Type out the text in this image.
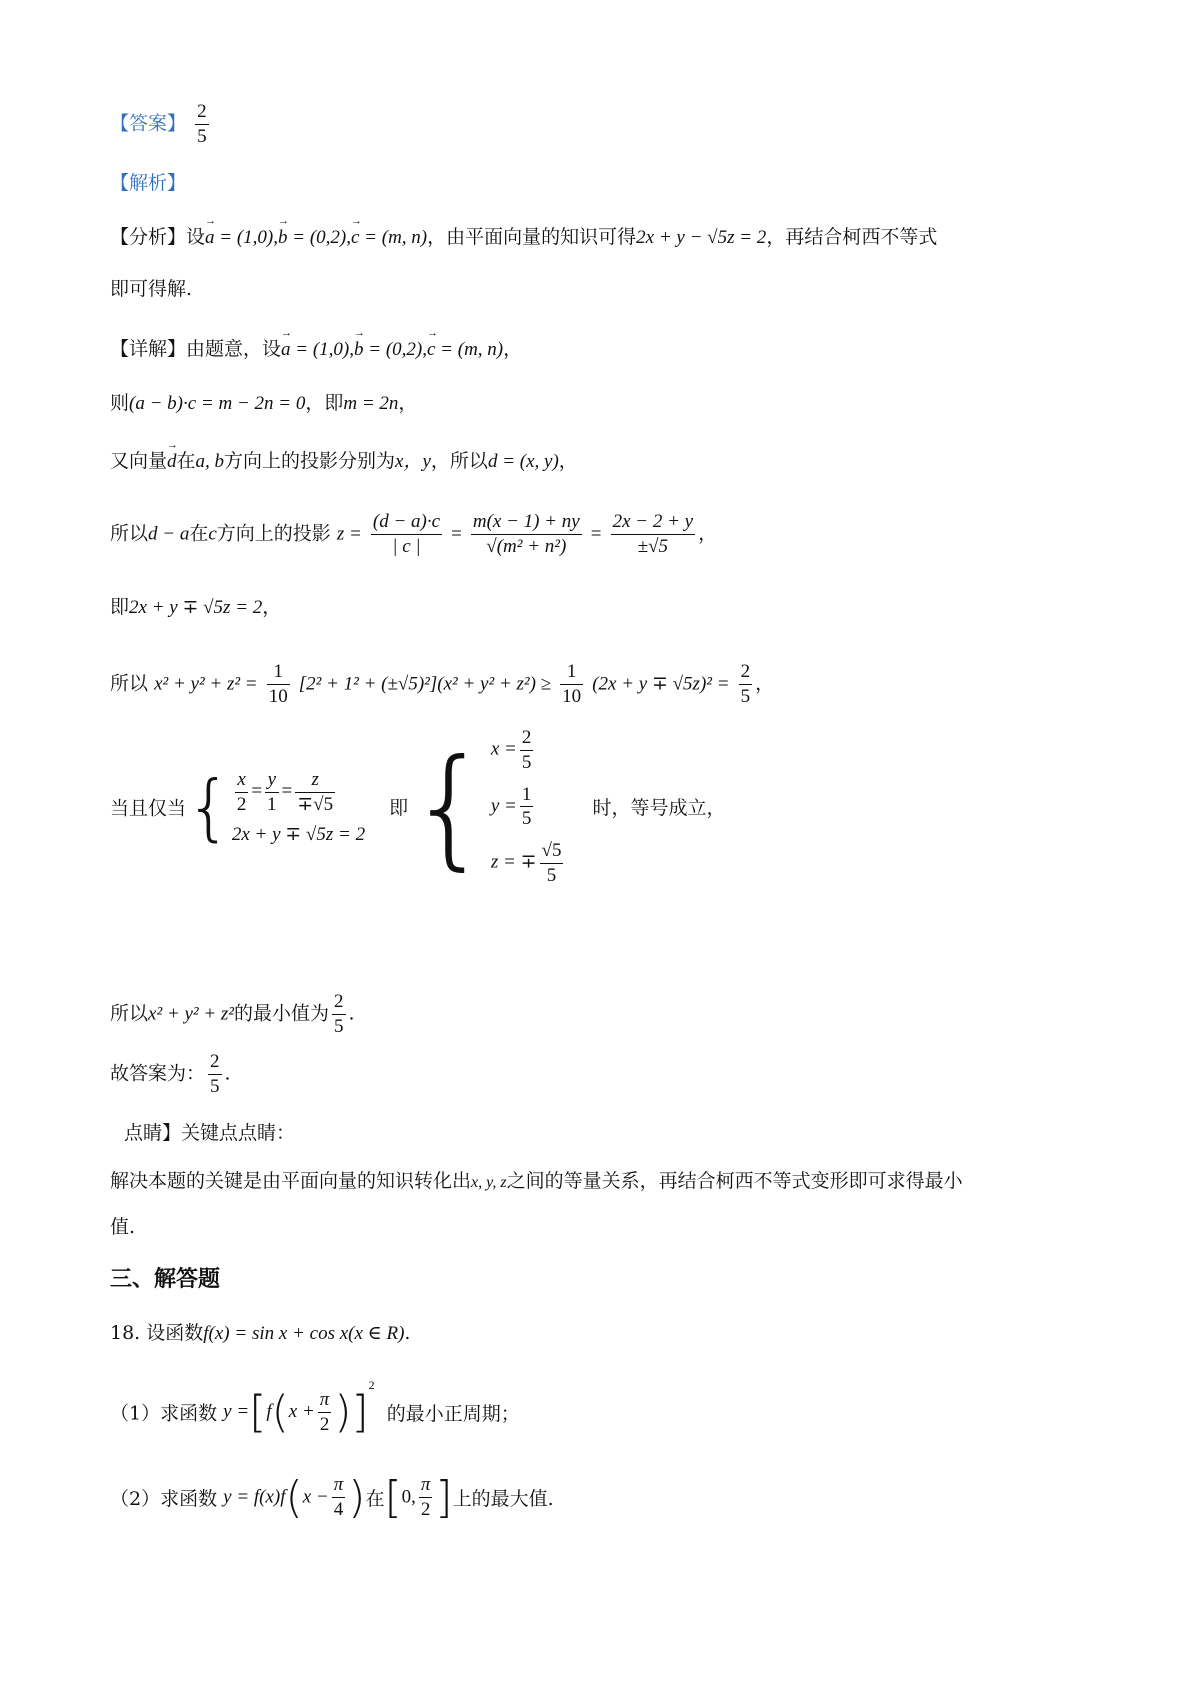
【答案】 $\frac{2}{5}$
【解析】
【分析】设→ a = (1,0),→ b = (0,2),→ c = (m, n)，由平面向量的知识可得2x + y − √5z = 2，再结合柯西不等式
即可得解.
【详解】由题意，设→ a = (1,0),→ b = (0,2),→ c = (m, n)，
则(a − b)·c = m − 2n = 0，即m = 2n，
又向量→ d在a, b方向上的投影分别为x，y，所以d = (x, y)，
所以d − a在c方向上的投影 $z = \frac{(d - a)\cdot c}{| c |} = \frac{m(x - 1) + ny}{\text{√(m² + n²)}} = \frac{2x - 2 + y}{\pm√5}$ ，
即2x + y ∓ √5z = 2，
所以 $x^2 + y^2 + z^2 = \frac{1}{10} [2^2 + 1^2 + (\pm√5)^2](x^2 + y^2 + z^2) \ge \frac{1}{10} (2x + y \mp √5z)^2 = \frac{2}{5}$ ，
当且仅当{ $\frac{x}{2} = \frac{y}{1} = \frac{z}{\mp√5}$
2x + y ∓ √5z = 2
即{ $x = \frac{2}{5}$
$y = \frac{1}{5}$
z = ∓ $\frac{√5}{5}$
时，等号成立，
所以x² + y² + z²的最小值为 $\frac{2}{5}$ .
故答案为： $\frac{2}{5}$ .
点睛】关键点点睛：
解决本题的关键是由平面向量的知识转化出x, y, z之间的等量关系，再结合柯西不等式变形即可求得最小
值.
三、解答题
18. 设函数f(x) = sin x + cos x(x ∈ R).
（1）求函数 $y =[f(x + \frac{\pi}{2} )]^2$ 的最小正周期；
（2）求函数 $y = f(x)f(x - \frac{\pi}{4}$ )在[0, $\frac{\pi}{2}$ ]上的最大值.
